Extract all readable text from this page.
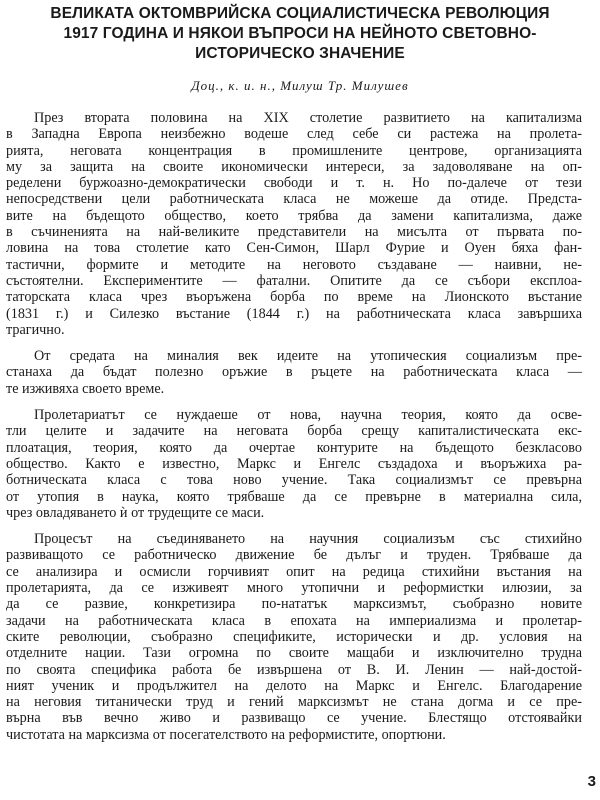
ВЕЛИКАТА ОКТОМВРИЙСКА СОЦИАЛИСТИЧЕСКА РЕВОЛЮЦИЯ
1917 ГОДИНА И НЯКОИ ВЪПРОСИ НА НЕЙНОТО СВЕТОВНО-
ИСТОРИЧЕСКО ЗНАЧЕНИЕ
Доц., к. и. н., Милуш Тр. Милушев
През втората половина на XIX столетие развитието на капитализма
в Западна Европа неизбежно водеше след себе си растежа на пролета-
рията, неговата концентрация в промишлените центрове, организацията
му за защита на своите икономически интереси, за задоволяване на оп-
ределени буржоазно-демократически свободи и т. н. Но по-далече от тези
непосредствени цели работническата класа не можеше да отиде. Предста-
вите на бъдещото общество, което трябва да замени капитализма, даже
в съчиненията на най-великите представители на мисълта от първата по-
ловина на това столетие като Сен-Симон, Шарл Фурие и Оуен бяха фан-
тастични, формите и методите на неговото създаване — наивни, не-
състоятелни. Експериментите — фатални. Опитите да се събори експлоа-
таторската класа чрез въоръжена борба по време на Лионското въстание
(1831 г.) и Силезко въстание (1844 г.) на работническата класа завършиха
трагично.
От средата на миналия век идеите на утопическия социализъм пре-
станаха да бъдат полезно оръжие в ръцете на работническата класа —
те изживяха своето време.
Пролетариатът се нуждаеше от нова, научна теория, която да осве-
тли целите и задачите на неговата борба срещу капиталистическата екс-
плоатация, теория, която да очертае контурите на бъдещото безкласово
общество. Както е известно, Маркс и Енгелс създадоха и въоръжиха ра-
ботническата класа с това ново учение. Така социализмът се превърна
от утопия в наука, която трябваше да се превърне в материална сила,
чрез овладяването ѝ от трудещите се маси.
Процесът на съединяването на научния социализъм със стихийно
развиващото се работническо движение бе дълъг и труден. Трябваше да
се анализира и осмисли горчивият опит на редица стихийни въстания на
пролетарията, да се изживеят много утопични и реформистки илюзии, за
да се развие, конкретизира по-нататък марксизмът, съобразно новите
задачи на работническата класа в епохата на империализма и пролетар-
ските революции, съобразно спецификите, исторически и др. условия на
отделните нации. Тази огромна по своите мащаби и изключително трудна
по своята специфика работа бе извършена от В. И. Ленин — най-достой-
ният ученик и продължител на делото на Маркс и Енгелс. Благодарение
на неговия титанически труд и гений марксизмът не стана догма и се пре-
върна във вечно живо и развиващо се учение. Блестящо отстоявайки
чистотата на марксизма от посегателството на реформистите, опортюни.
3
